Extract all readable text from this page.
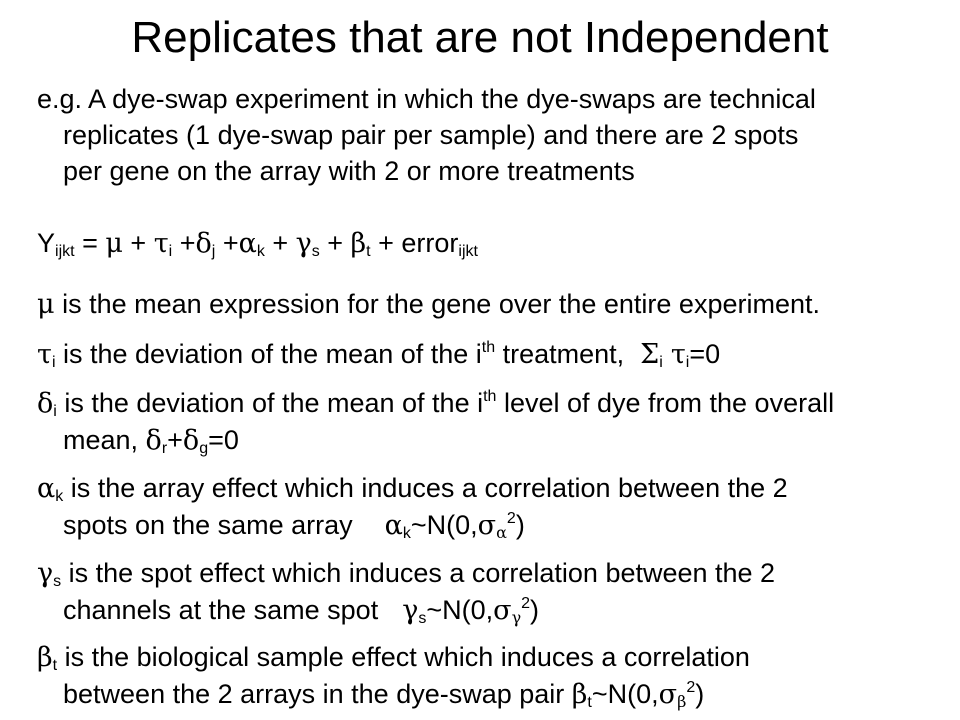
Replicates that are not Independent
e.g. A dye-swap experiment in which the dye-swaps are technical
replicates (1 dye-swap pair per sample) and there are 2 spots
per gene on the array with 2 or more treatments
$Y_{ijkt} = \mu + \tau_i +\delta_j +\alpha_k + \gamma_s + \beta_t$ + error$_{ijkt}$
μ is the mean expression for the gene over the entire experiment.
$\tau_i$ is the deviation of the mean of the $i^{th}$ treatment, $\Sigma_i$ $\tau_i=0$
$\delta_i$ is the deviation of the mean of the $i^{th}$ level of dye from the overall
mean, $\delta_r+\delta_g=0$
$\alpha_k$ is the array effect which induces a correlation between the 2
spots on the same array $\alpha_k\sim N(0,\sigma_\alpha^2)$
$\gamma_s$ is the spot effect which induces a correlation between the 2
channels at the same spot $\gamma_s\sim N(0,\sigma_\gamma^2)$
$\beta_t$ is the biological sample effect which induces a correlation
between the 2 arrays in the dye-swap pair $\beta_t\sim N(0,\sigma_\beta^2)$
